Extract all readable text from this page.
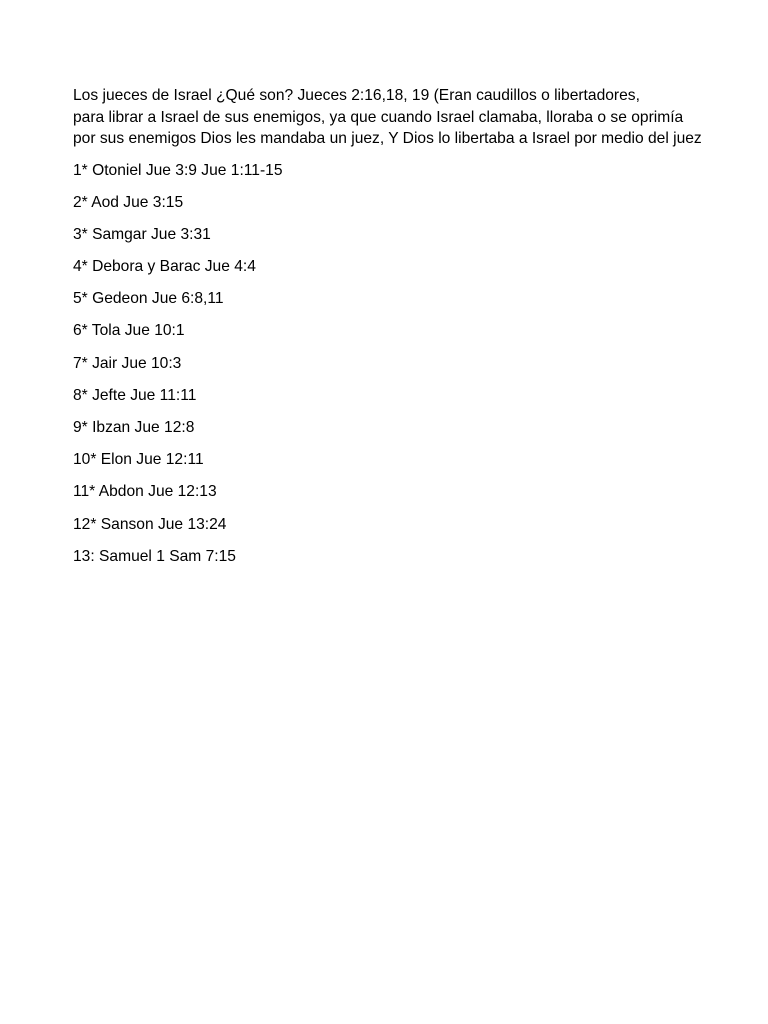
Los jueces de Israel ¿Qué son? Jueces 2:16,18, 19 (Eran caudillos o libertadores,
para librar a Israel de sus enemigos, ya que cuando Israel clamaba, lloraba o se oprimía
por sus enemigos Dios les mandaba un juez, Y Dios lo libertaba a Israel por medio del juez
1* Otoniel Jue 3:9 Jue 1:11-15
2* Aod Jue 3:15
3* Samgar Jue 3:31
4* Debora y Barac Jue 4:4
5* Gedeon Jue 6:8,11
6* Tola Jue 10:1
7* Jair Jue 10:3
8* Jefte Jue 11:11
9* Ibzan Jue 12:8
10* Elon Jue 12:11
11* Abdon Jue 12:13
12* Sanson Jue 13:24
13: Samuel 1 Sam 7:15
